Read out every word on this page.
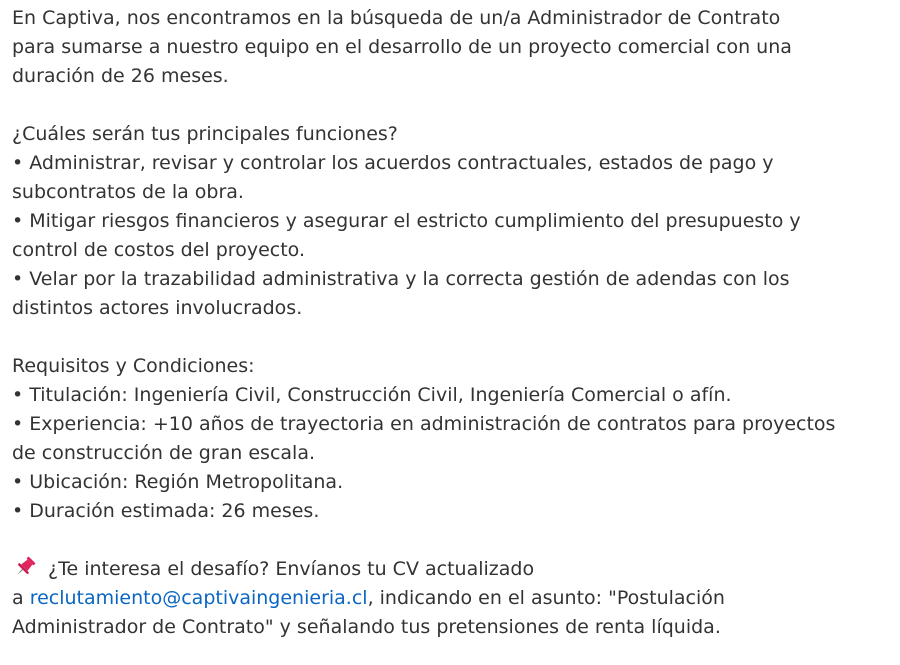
En Captiva, nos encontramos en la búsqueda de un/a Administrador de Contrato
para sumarse a nuestro equipo en el desarrollo de un proyecto comercial con una
duración de 26 meses.
¿Cuáles serán tus principales funciones?
• Administrar, revisar y controlar los acuerdos contractuales, estados de pago y
subcontratos de la obra.
• Mitigar riesgos financieros y asegurar el estricto cumplimiento del presupuesto y
control de costos del proyecto.
• Velar por la trazabilidad administrativa y la correcta gestión de adendas con los
distintos actores involucrados.
Requisitos y Condiciones:
• Titulación: Ingeniería Civil, Construcción Civil, Ingeniería Comercial o afín.
• Experiencia: +10 años de trayectoria en administración de contratos para proyectos
de construcción de gran escala.
• Ubicación: Región Metropolitana.
• Duración estimada: 26 meses.
¿Te interesa el desafío? Envíanos tu CV actualizado
a reclutamiento@captivaingenieria.cl, indicando en el asunto: "Postulación
Administrador de Contrato" y señalando tus pretensiones de renta líquida.
